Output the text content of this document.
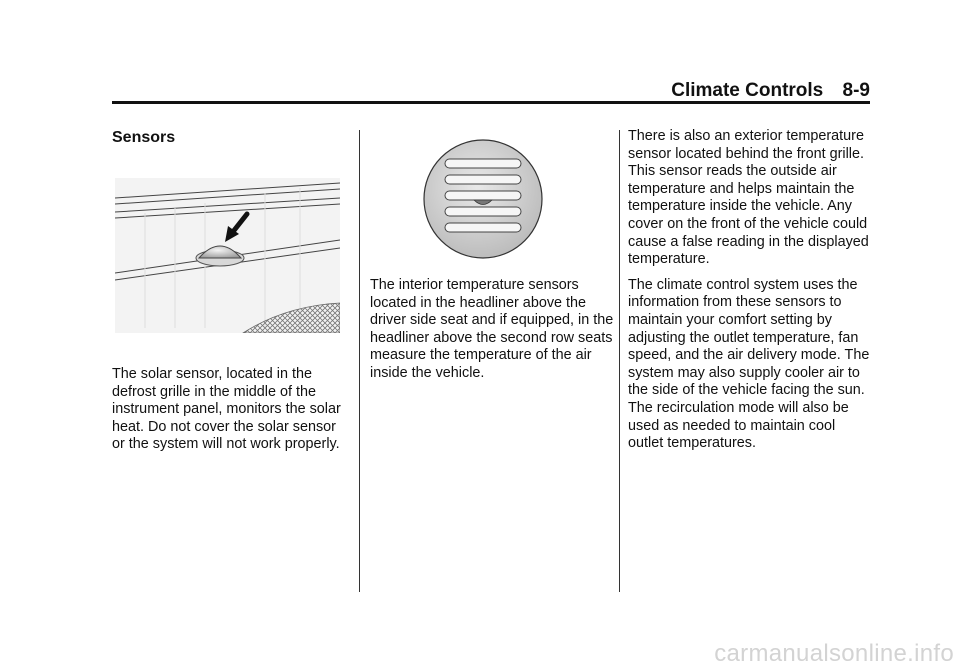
Climate Controls 8-9
Sensors

The solar sensor, located in the defrost grille in the middle of the instrument panel, monitors the solar heat. Do not cover the solar sensor or the system will not work properly.

The interior temperature sensors located in the headliner above the driver side seat and if equipped, in the headliner above the second row seats measure the temperature of the air inside the vehicle.

There is also an exterior temperature sensor located behind the front grille. This sensor reads the outside air temperature and helps maintain the temperature inside the vehicle. Any cover on the front of the vehicle could cause a false reading in the displayed temperature.

The climate control system uses the information from these sensors to maintain your comfort setting by adjusting the outlet temperature, fan speed, and the air delivery mode. The system may also supply cooler air to the side of the vehicle facing the sun. The recirculation mode will also be used as needed to maintain cool outlet temperatures.

carmanualsonline.info
